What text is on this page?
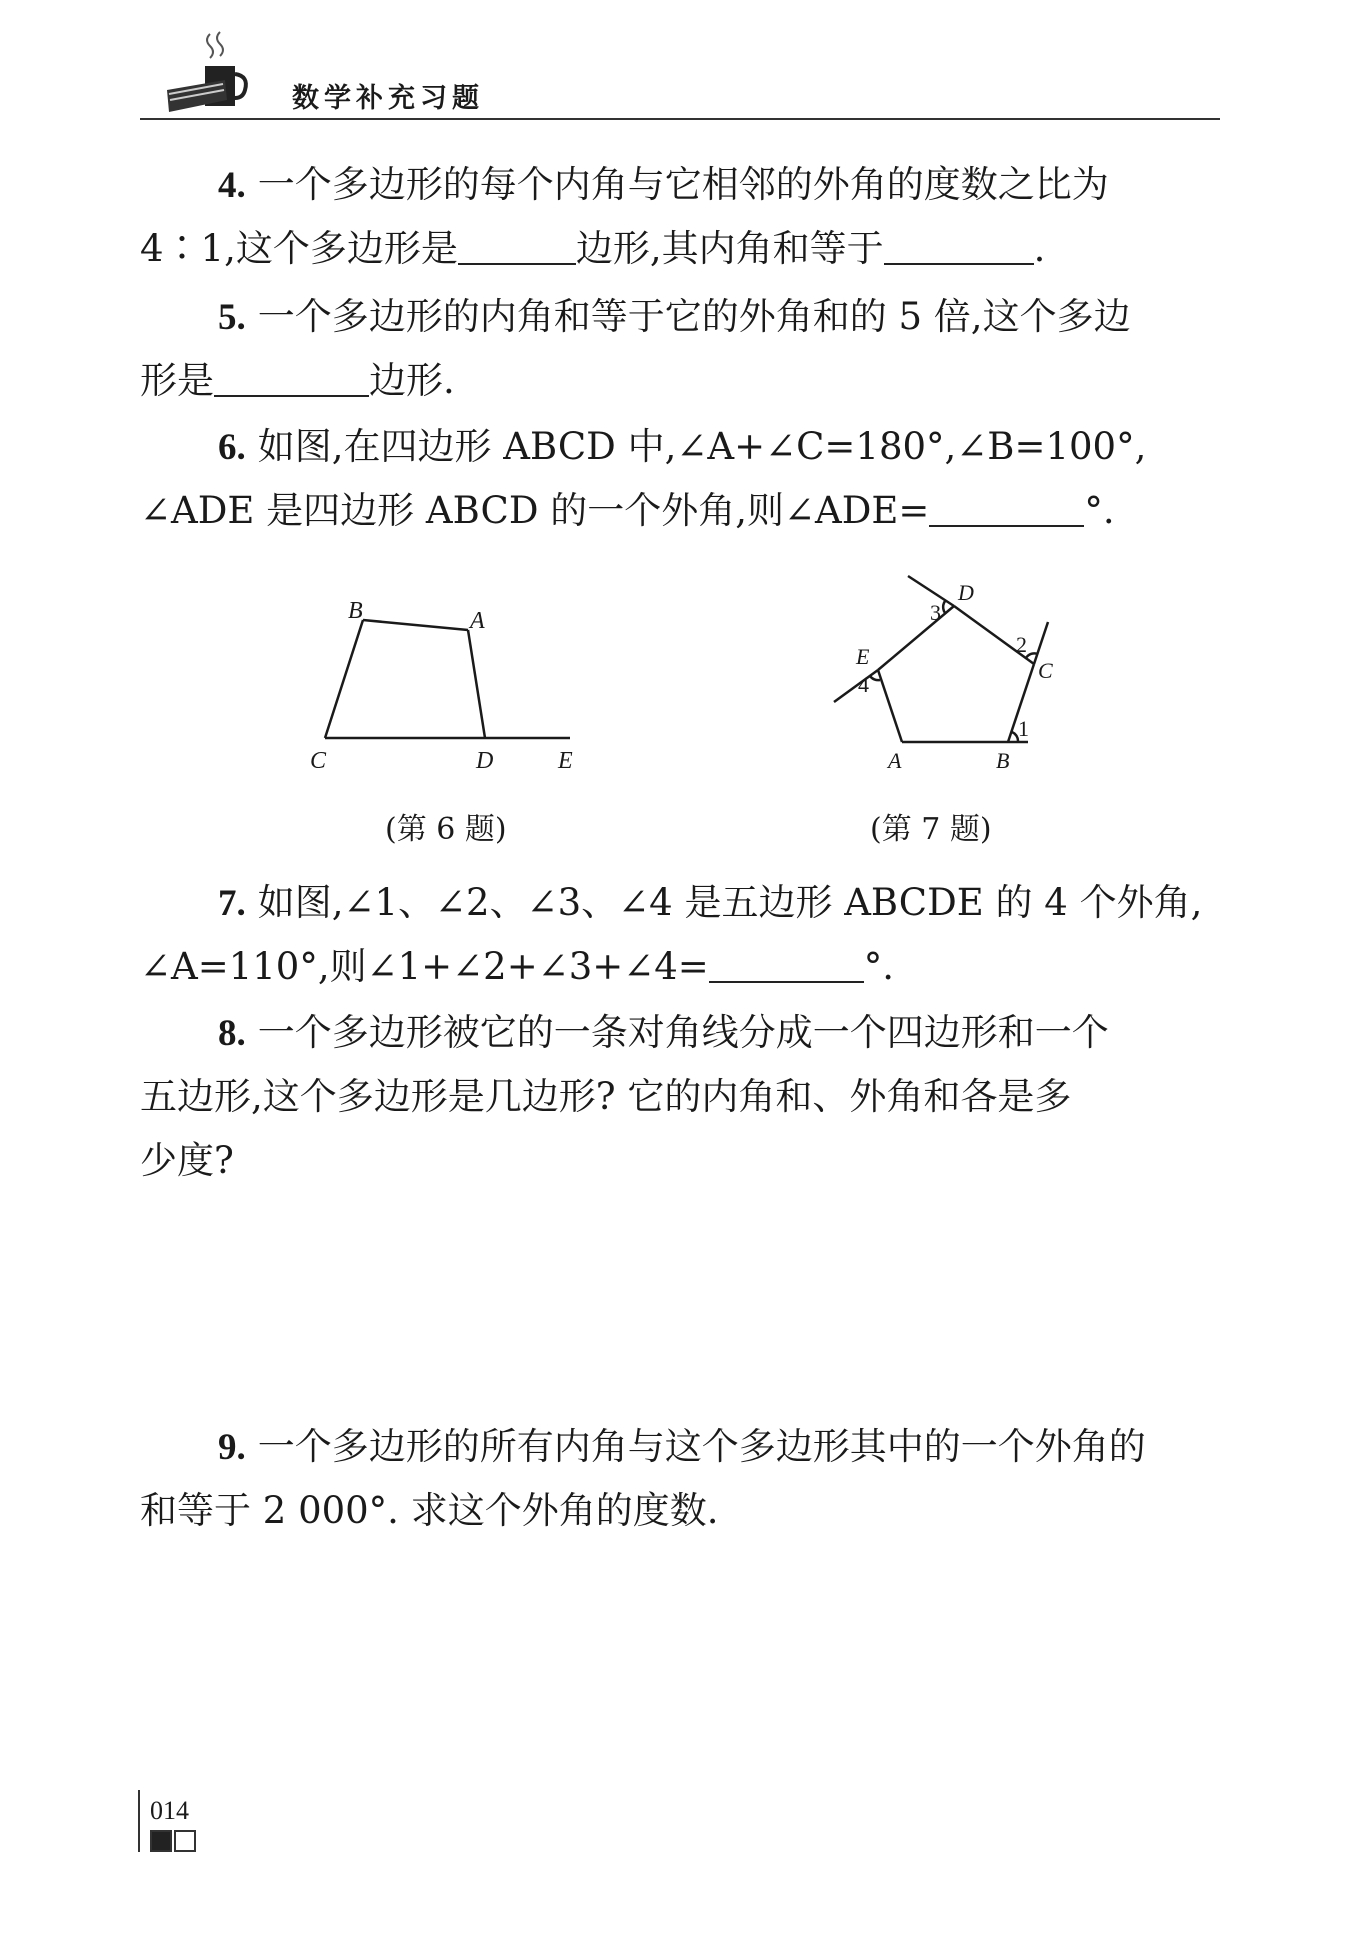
数学补充习题
4. 一个多边形的每个内角与它相邻的外角的度数之比为
4∶1,这个多边形是	边形,其内角和等于	.
5. 一个多边形的内角和等于它的外角和的 5 倍,这个多边
形是	边形.
6. 如图,在四边形 ABCD 中,∠A+∠C=180°,∠B=100°,
∠ADE 是四边形 ABCD 的一个外角,则∠ADE=	°.
B	A
C	D	E
(第 6 题)
D
3
2
C
E
4
1
A	B
(第 7 题)
7. 如图,∠1、∠2、∠3、∠4 是五边形 ABCDE 的 4 个外角,
∠A=110°,则∠1+∠2+∠3+∠4=	°.
8. 一个多边形被它的一条对角线分成一个四边形和一个
五边形,这个多边形是几边形? 它的内角和、外角和各是多
少度?
9. 一个多边形的所有内角与这个多边形其中的一个外角的
和等于 2 000°. 求这个外角的度数.
014
